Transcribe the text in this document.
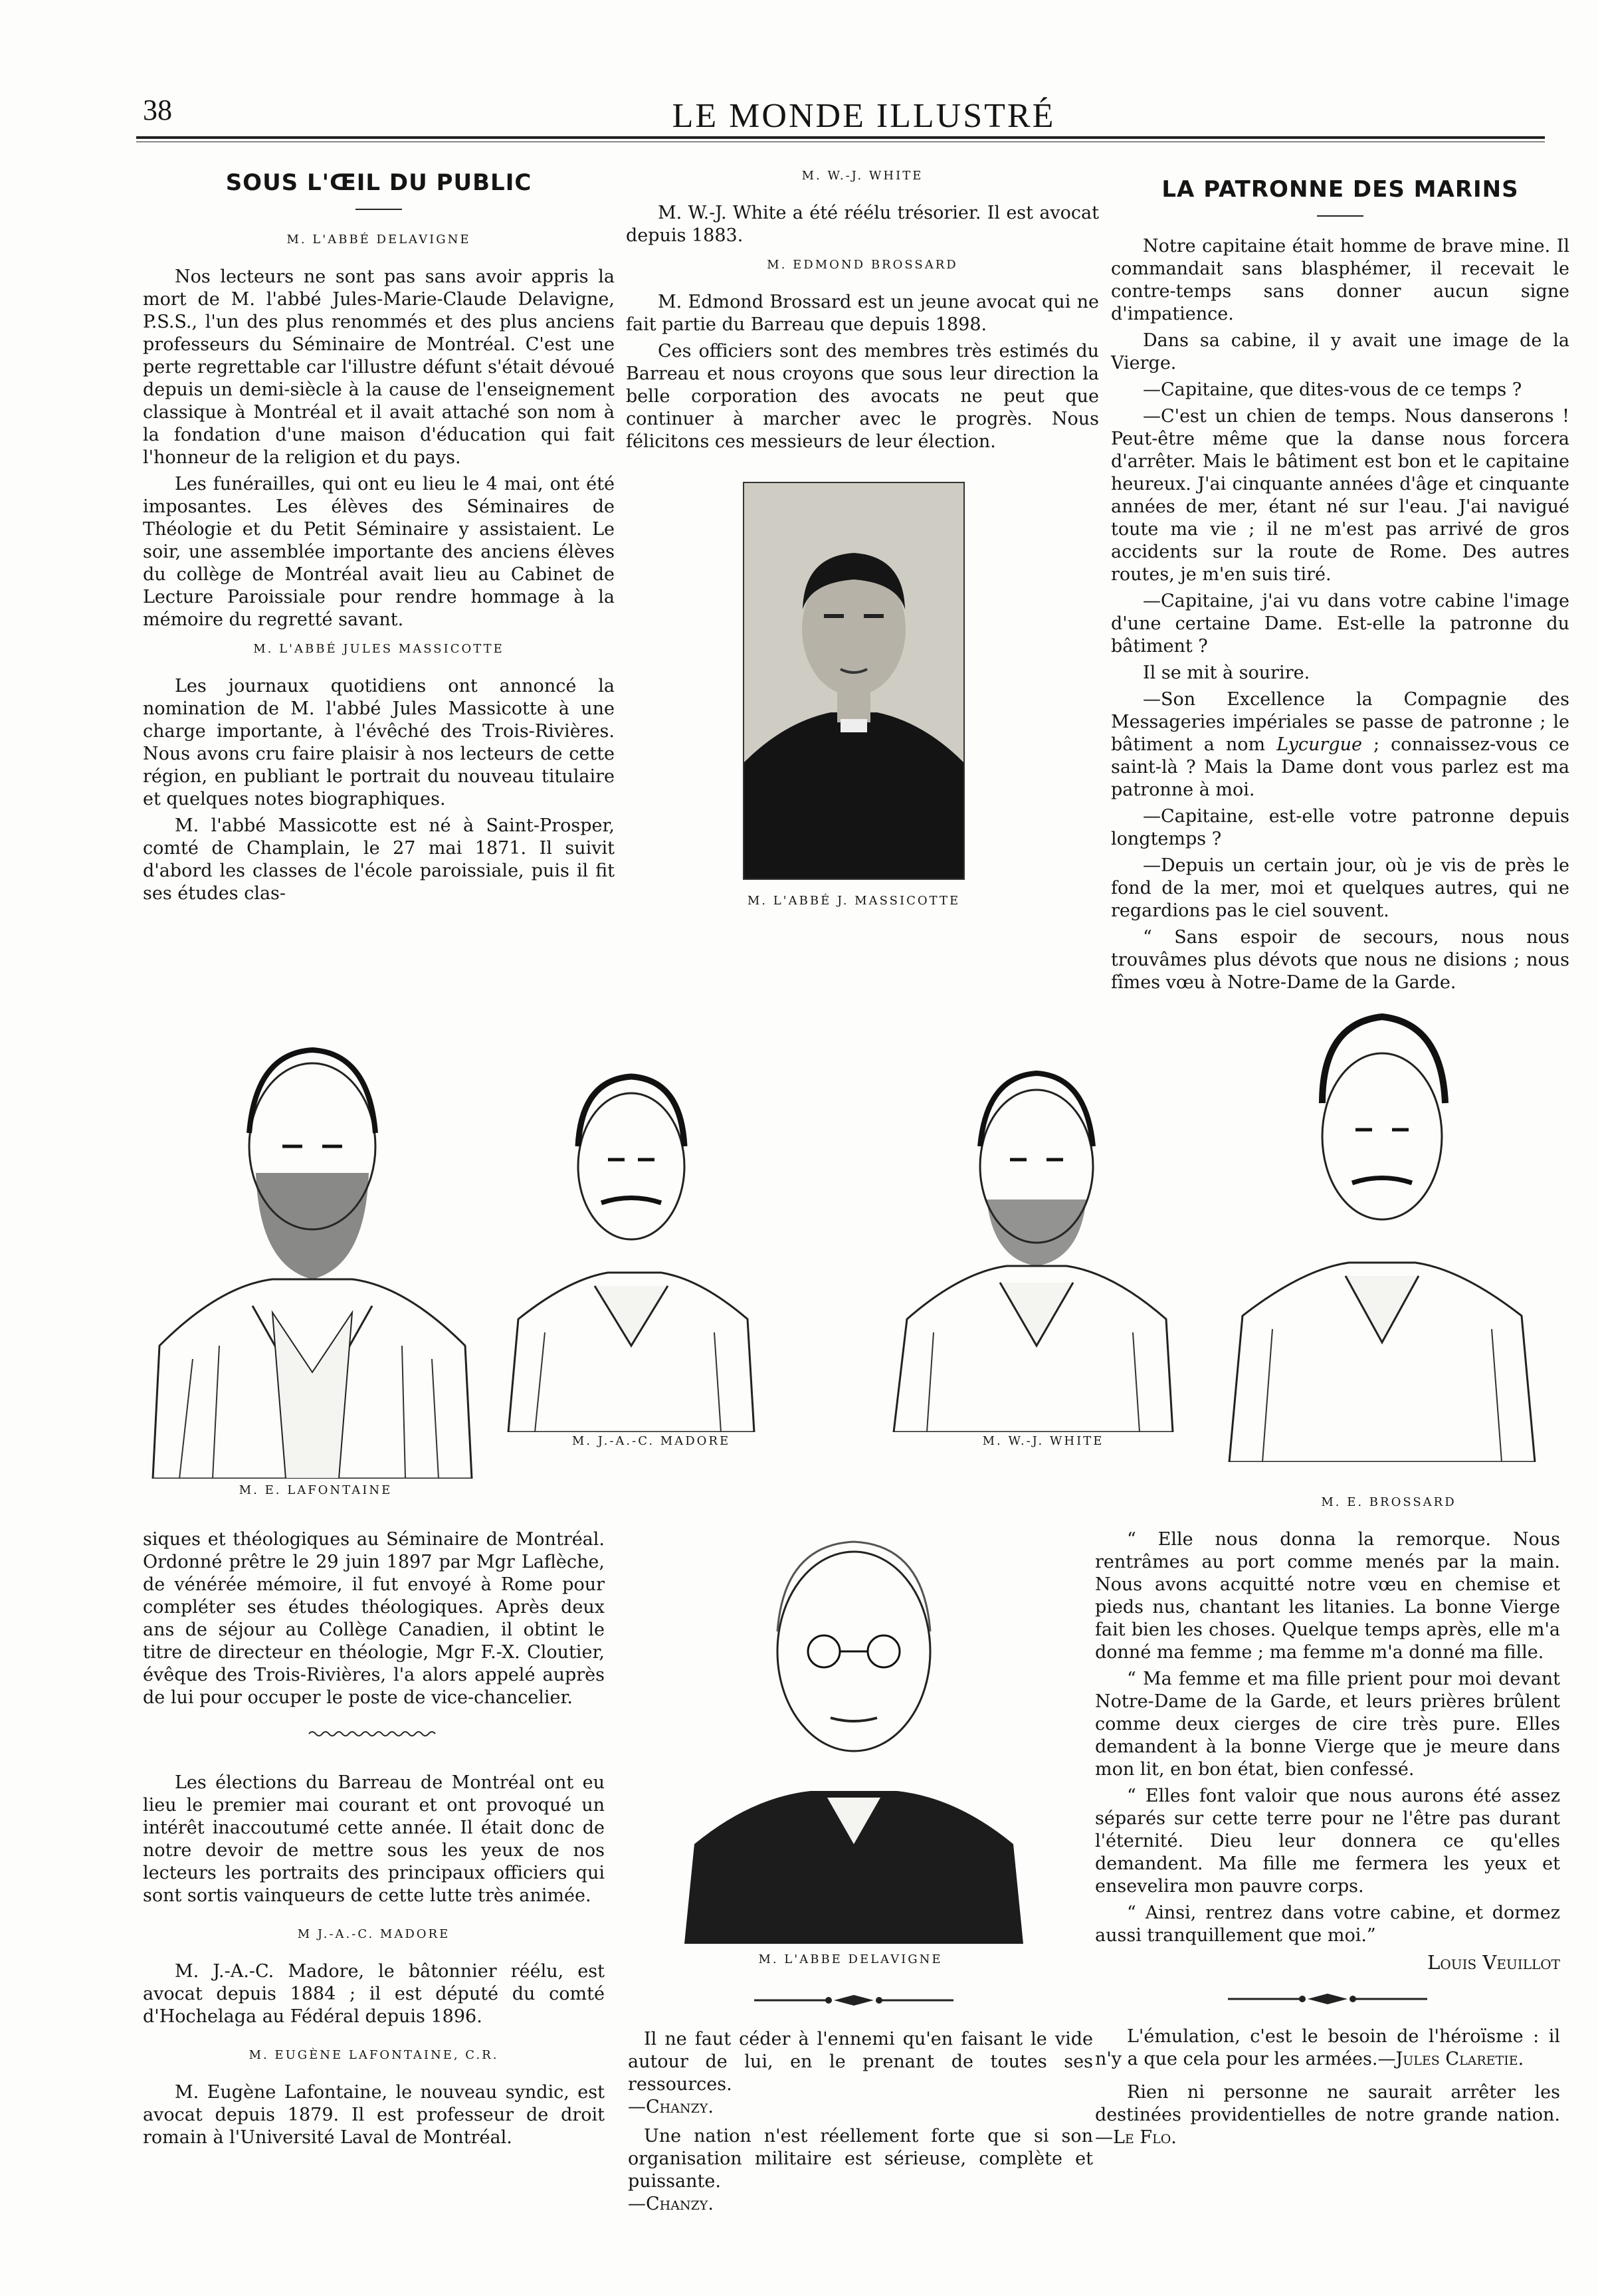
38	LE MONDE ILLUSTRÉ
SOUS L'ŒIL DU PUBLIC
M. L'ABBÉ DELAVIGNE

Nos lecteurs ne sont pas sans avoir appris la mort de M. l'abbé Jules-Marie-Claude Delavigne, P.S.S., l'un des plus renommés et des plus anciens professeurs du Séminaire de Montréal. C'est une perte regrettable car l'illustre défunt s'était dévoué depuis un demi-siècle à la cause de l'enseignement classique à Montréal et il avait attaché son nom à la fondation d'une maison d'éducation qui fait l'honneur de la religion et du pays.

Les funérailles, qui ont eu lieu le 4 mai, ont été imposantes. Les élèves des Séminaires de Théologie et du Petit Séminaire y assistaient. Le soir, une assemblée importante des anciens élèves du collège de Montréal avait lieu au Cabinet de Lecture Paroissiale pour rendre hommage à la mémoire du regretté savant.

M. L'ABBÉ JULES MASSICOTTE

Les journaux quotidiens ont annoncé la nomination de M. l'abbé Jules Massicotte à une charge importante, à l'évêché des Trois-Rivières. Nous avons cru faire plaisir à nos lecteurs de cette région, en publiant le portrait du nouveau titulaire et quelques notes biographiques.

M. l'abbé Massicotte est né à Saint-Prosper, comté de Champlain, le 27 mai 1871. Il suivit d'abord les classes de l'école paroissiale, puis il fit ses études clas-

M. W.-J. WHITE

M. W.-J. White a été réélu trésorier. Il est avocat depuis 1883.

M. EDMOND BROSSARD

M. Edmond Brossard est un jeune avocat qui ne fait partie du Barreau que depuis 1898.

Ces officiers sont des membres très estimés du Barreau et nous croyons que sous leur direction la belle corporation des avocats ne peut que continuer à marcher avec le progrès. Nous félicitons ces messieurs de leur élection.

M. L'ABBÉ J. MASSICOTTE
LA PATRONNE DES MARINS

Notre capitaine était homme de brave mine. Il commandait sans blasphémer, il recevait le contre-temps sans donner aucun signe d'impatience.

Dans sa cabine, il y avait une image de la Vierge.

—Capitaine, que dites-vous de ce temps ?

—C'est un chien de temps. Nous danserons ! Peut-être même que la danse nous forcera d'arrêter. Mais le bâtiment est bon et le capitaine heureux. J'ai cinquante années d'âge et cinquante années de mer, étant né sur l'eau. J'ai navigué toute ma vie ; il ne m'est pas arrivé de gros accidents sur la route de Rome. Des autres routes, je m'en suis tiré.

—Capitaine, j'ai vu dans votre cabine l'image d'une certaine Dame. Est-elle la patronne du bâtiment ?

Il se mit à sourire.

—Son Excellence la Compagnie des Messageries impériales se passe de patronne ; le bâtiment a nom Lycurgue ; connaissez-vous ce saint-là ? Mais la Dame dont vous parlez est ma patronne à moi.

—Capitaine, est-elle votre patronne depuis longtemps ?

—Depuis un certain jour, où je vis de près le fond de la mer, moi et quelques autres, qui ne regardions pas le ciel souvent.

“ Sans espoir de secours, nous nous trouvâmes plus dévots que nous ne disions ; nous fîmes vœu à Notre-Dame de la Garde.

M. E. LAFONTAINE
M. J.-A.-C. MADORE	M. W.-J. WHITE
M. E. BROSSARD

siques et théologiques au Séminaire de Montréal. Ordonné prêtre le 29 juin 1897 par Mgr Laflèche, de vénérée mémoire, il fut envoyé à Rome pour compléter ses études théologiques. Après deux ans de séjour au Collège Canadien, il obtint le titre de directeur en théologie, Mgr F.-X. Cloutier, évêque des Trois-Rivières, l'a alors appelé auprès de lui pour occuper le poste de vice-chancelier.

Les élections du Barreau de Montréal ont eu lieu le premier mai courant et ont provoqué un intérêt inaccoutumé cette année. Il était donc de notre devoir de mettre sous les yeux de nos lecteurs les portraits des principaux officiers qui sont sortis vainqueurs de cette lutte très animée.

M J.-A.-C. MADORE

M. J.-A.-C. Madore, le bâtonnier réélu, est avocat depuis 1884 ; il est député du comté d'Hochelaga au Fédéral depuis 1896.

M. EUGÈNE LAFONTAINE, C.R.

M. Eugène Lafontaine, le nouveau syndic, est avocat depuis 1879. Il est professeur de droit romain à l'Université Laval de Montréal.

M. L'ABBE DELAVIGNE

Il ne faut céder à l'ennemi qu'en faisant le vide autour de lui, en le prenant de toutes ses ressources.

—Chanzy.

Une nation n'est réellement forte que si son organisation militaire est sérieuse, complète et puissante.

—Chanzy.

“ Elle nous donna la remorque. Nous rentrâmes au port comme menés par la main. Nous avons acquitté notre vœu en chemise et pieds nus, chantant les litanies. La bonne Vierge fait bien les choses. Quelque temps après, elle m'a donné ma femme ; ma femme m'a donné ma fille.

“ Ma femme et ma fille prient pour moi devant Notre-Dame de la Garde, et leurs prières brûlent comme deux cierges de cire très pure. Elles demandent à la bonne Vierge que je meure dans mon lit, en bon état, bien confessé.

“ Elles font valoir que nous aurons été assez séparés sur cette terre pour ne l'être pas durant l'éternité. Dieu leur donnera ce qu'elles demandent. Ma fille me fermera les yeux et ensevelira mon pauvre corps.

“ Ainsi, rentrez dans votre cabine, et dormez aussi tranquillement que moi.”

Louis Veuillot

L'émulation, c'est le besoin de l'héroïsme : il n'y a que cela pour les armées.—Jules Claretie.

Rien ni personne ne saurait arrêter les destinées providentielles de notre grande nation.—Le Flo.
